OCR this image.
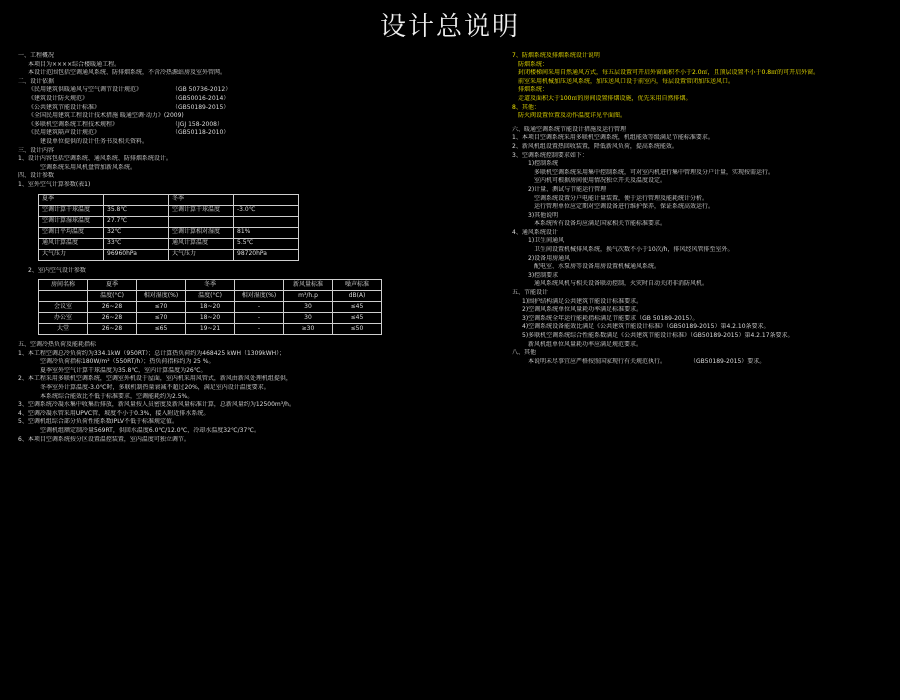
设计总说明
一、工程概况
本项目为××××综合楼暖通工程。
本设计范围包括空调通风系统、防排烟系统，不含冷热源站房及室外管网。
二、设计依据
《民用建筑供暖通风与空气调节设计规范》　　　　　　（GB 50736-2012）
《建筑设计防火规范》　　　　　　　　　　　　　　　（GB50016-2014）
《公共建筑节能设计标准》　　　　　　　　　　　　　（GB50189-2015）
《全国民用建筑工程设计技术措施 暖通空调·动力》(2009)
《多联机空调系统工程技术规程》　　　　　　　　　　（JGJ 158-2008）
《民用建筑隔声设计规范》　　　　　　　　　　　　　（GB50118-2010）
　　建设单位提供的设计任务书及相关资料。
三、设计内容
1、设计内容包括空调系统、通风系统、防排烟系统设计。
　　空调系统采用风机盘管加新风系统。
四、设计参数
1、室外空气计算参数(表1)
夏季		冬季	
空调计算干球温度	35.8℃	空调计算干球温度	-3.0℃
空调计算湿球温度	27.7℃		
空调日平均温度	32℃	空调计算相对湿度	81%
通风计算温度	33℃	通风计算温度	5.5℃
大气压力	96960hPa	大气压力	98720hPa
2、室内空气设计参数
房间名称	夏季		冬季		新风量标准	噪声标准
	温度(°C)	相对湿度(%)	温度(°C)	相对湿度(%)	m³/h.p	dB(A)
会议室	26~28	≤70	18~20	-	30	≤45
办公室	26~28	≤70	18~20	-	30	≤45
大堂	26~28	≤65	19~21	-	≥30	≤50
五、空调冷热负荷及能耗指标
1、本工程空调总冷负荷约为334.1kW（950RT）；总计算热负荷约为468425 kWH（1309kWH）；
　　空调冷负荷指标180W/m²（550RT/h）；热负荷指标约为 25 %。
　　夏季室外空气计算干球温度为35.8℃，室内计算温度为26℃。
2、本工程采用多联机空调系统，空调室外机设于屋面，室内机采用风管式，新风由新风处理机组提供，
　　冬季室外计算温度-3.0℃时，多联机制热量衰减不超过20%，满足室内设计温度要求。
　　本系统综合能效比不低于标准要求，空调能耗约为2.5%。
3、空调系统冷凝水集中收集后排放，新风量按人员密度及新风量标准计算，总新风量约为12500m³/h。
4、空调冷凝水管采用UPVC管，坡度不小于0.3%，接入附近排水系统。
5、空调机组综合部分负荷性能系数IPLV不低于标准规定值。
　　空调机组额定制冷量569RT，供回水温度6.0℃/12.0℃，冷却水温度32℃/37℃。
6、本项目空调系统按分区设置温控装置，室内温度可独立调节。
7、防烟系统及排烟系统设计说明
　防烟系统：
　封闭楼梯间采用自然通风方式，每五层设置可开启外窗面积不小于2.0㎡，且顶层设置不小于0.8㎡的可开启外窗。
　前室采用机械加压送风系统，加压送风口设于前室内，每层设置常闭加压送风口。
　排烟系统：
　走道及面积大于100㎡的房间设置排烟设施，优先采用自然排烟。
8、其他：
　防火阀设置位置及动作温度详见平面图。
六、暖通空调系统节能设计措施及运行管理
1、本项目空调系统采用多联机空调系统，机组能效等级满足节能标准要求。
2、新风机组设置热回收装置，降低新风负荷，提高系统能效。
3、空调系统控制要求如下：
　1)控制系统
　　多联机空调系统采用集中控制系统，可对室内机进行集中管理及分户计量，实现按需运行。
　　室内机可根据房间使用情况独立开关及温度设定。
　2)计量、测试与节能运行管理
　　空调系统设置分户电能计量装置，便于运行管理及能耗统计分析。
　　运行管理单位应定期对空调设备进行维护保养，保证系统高效运行。
　3)其他说明
　　本系统所有设备均应满足国家相关节能标准要求。
4、通风系统设计
　1)卫生间通风
　　卫生间设置机械排风系统，换气次数不小于10次/h，排风经风管排至室外。
　2)设备用房通风
　　配电室、水泵房等设备用房设置机械通风系统。
　3)控制要求
　　通风系统风机与相关设备联动控制，火灾时自动关闭非消防风机。
五、节能设计
1)围护结构满足公共建筑节能设计标准要求。
2)空调风系统单位风量耗功率满足标准要求。
3)空调系统全年运行能耗指标满足节能要求（GB 50189-2015）。
4)空调系统设备能效比满足《公共建筑节能设计标准》（GB50189-2015）第4.2.10条要求。
5)多联机空调系统综合性能系数满足《公共建筑节能设计标准》（GB50189-2015）第4.2.17条要求。
　新风机组单位风量耗功率应满足规范要求。
八、其他
　本说明未尽事宜应严格按照国家现行有关规范执行。　　　　　（GB50189-2015）要求。
